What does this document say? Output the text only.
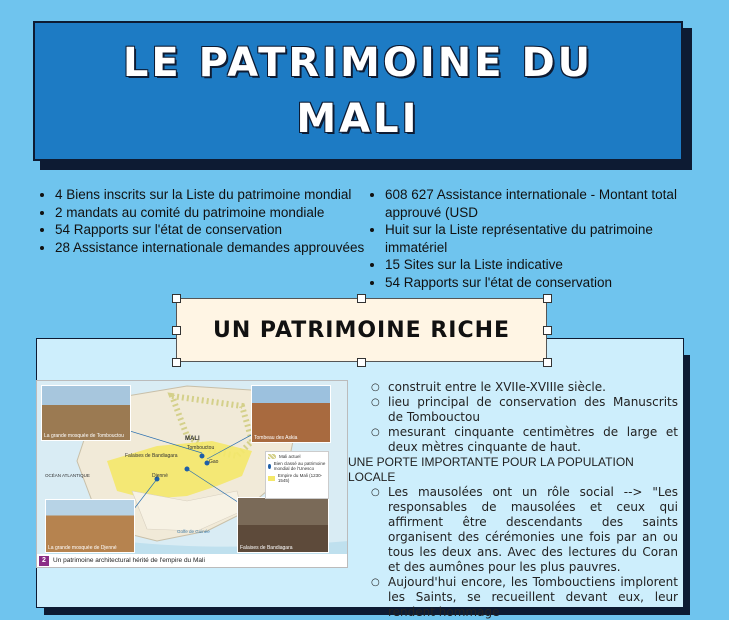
LE PATRIMOINE DU MALI
• 4 Biens inscrits sur la Liste du patrimoine mondial
• 2 mandats au comité du patrimoine mondiale
• 54 Rapports sur l'état de conservation
• 28 Assistance internationale demandes approuvées
• 608 627 Assistance internationale - Montant total approuvé (USD
• Huit sur la Liste représentative du patrimoine immatériel
• 15 Sites sur la Liste indicative
• 54 Rapports sur l'état de conservation
La grande mosquée de Tombouctou	Tombeau des Askia
La grande mosquée de Djenné	Falaises de Bandiagara
MALI
Tombouctou
Gao
Falaises de Bandiagara
Djenné
OCÉAN ATLANTIQUE
Golfe de Guinée
Mali actuel
Bien classé au patrimoine mondial de l'Unesco
Empire du Mali (1230-1545)
2	Un patrimoine architectural hérité de l'empire du Mali
○ construit entre le XVIIe-XVIIIe siècle.
○ lieu principal de conservation des Manuscrits de Tombouctou
○ mesurant cinquante centimètres de large et deux mètres cinquante de haut.
UNE PORTE IMPORTANTE POUR LA POPULATION LOCALE
○ Les mausolées ont un rôle social --> "Les responsables de mausolées et ceux qui affirment être descendants des saints organisent des cérémonies une fois par an ou tous les deux ans. Avec des lectures du Coran et des aumônes pour les plus pauvres.
○ Aujourd'hui encore, les Tombouctiens implorent les Saints, se recueillent devant eux, leur rendent hommage
UN PATRIMOINE RICHE
